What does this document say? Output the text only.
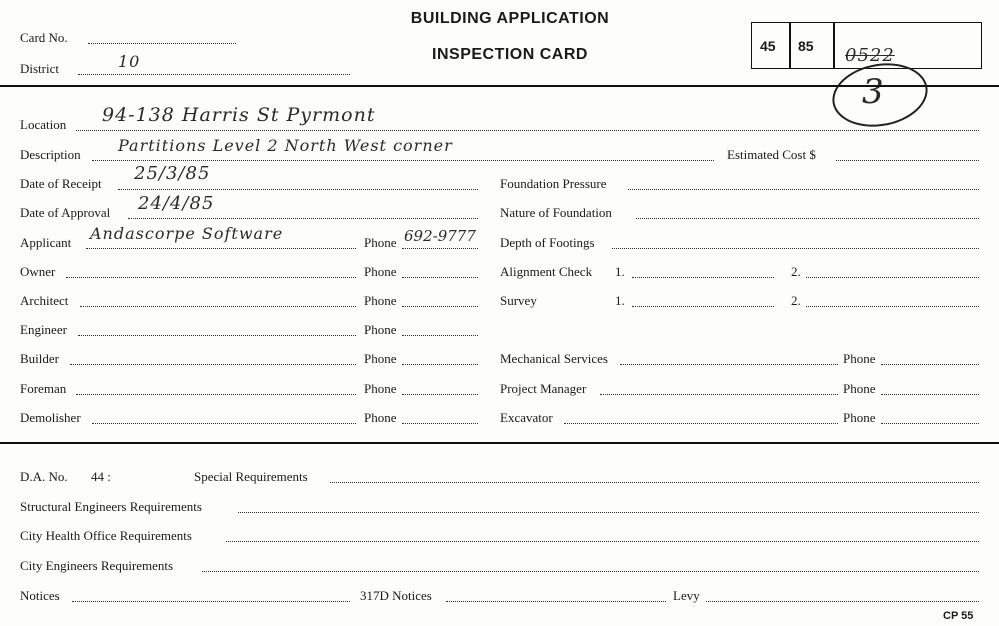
Card No.
District	10
BUILDING APPLICATION
INSPECTION CARD	45 85 0522
3
Location 94-138 Harris St Pyrmont
Description Partitions Level 2 North West corner	Estimated Cost $
Date of Receipt 25/3/85
Date of Approval 24/4/85
Applicant Andascorpe Software	Phone 692-9777
Owner	Phone
Architect	Phone
Engineer	Phone
Builder	Phone
Foreman	Phone
Demolisher	Phone
Foundation Pressure
Nature of Foundation
Depth of Footings
Alignment Check 1.	2.
Survey	1.	2.
Mechanical Services	Phone
Project Manager	Phone
Excavator	Phone
D.A. No. 44 :	Special Requirements
Structural Engineers Requirements
City Health Office Requirements
City Engineers Requirements
Notices	317D Notices	Levy
CP 55
